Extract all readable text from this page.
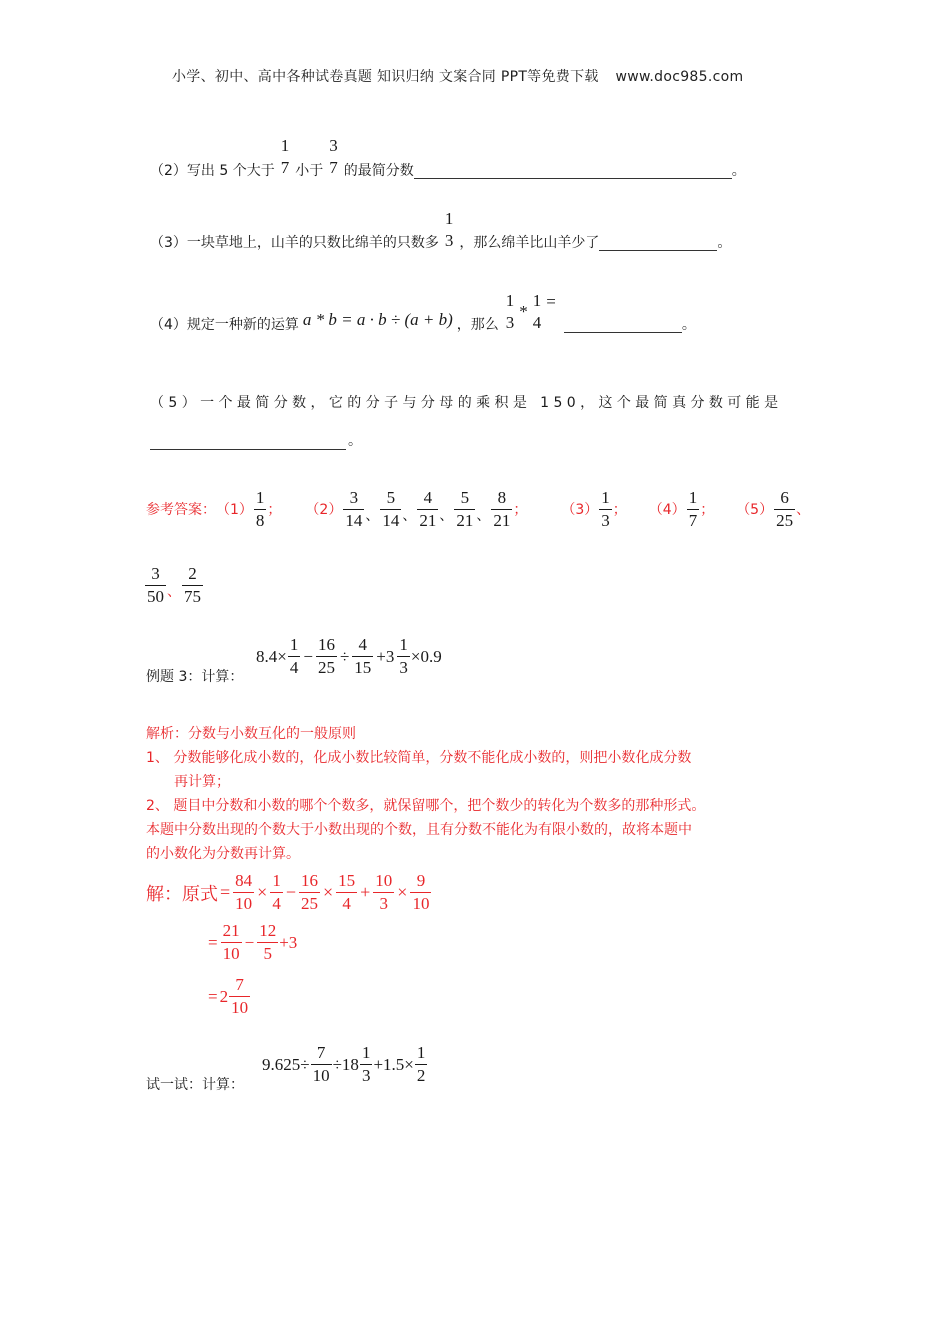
小学、初中、高中各种试卷真题 知识归纳 文案合同 PPT等免费下载 www.doc985.com
（2）写出 5 个大于
1
7 小于
3
7 的最简分数	。
（3）一块草地上，山羊的只数比绵羊的只数多
1
3 ，那么绵羊比山羊少了	。
（4）规定一种新的运算 a * b = a · b ÷ (a + b) ，那么
1
3
*
1
4
=
。
（5）一个最简分数，它的分子与分母的乘积是 150，这个最简真分数可能是
。
参考答案： $(1) \frac{1}{8}$ ； $(2) \frac{3}{14}$ 、 $\frac{5}{14}$ 、 $\frac{4}{21}$ 、 $\frac{5}{21}$ 、 $\frac{8}{21}$ ； $(3) \frac{1}{3}$ ； $(4) \frac{1}{7}$ ； $(5) \frac{6}{25}$ 、
$\frac{3}{50}$ 、 $\frac{2}{75}$
例题 3：计算：
$8.4\times \frac{1}{4} - \frac{16}{25} \div \frac{4}{15} +3 \frac{1}{3} \times 0.9$
解析：分数与小数互化的一般原则
1、 分数能够化成小数的，化成小数比较简单，分数不能化成小数的，则把小数化成分数
再计算；
2、 题目中分数和小数的哪个个数多，就保留哪个，把个数少的转化为个数多的那种形式。
本题中分数出现的个数大于小数出现的个数，且有分数不能化为有限小数的，故将本题中
的小数化为分数再计算。
解：原式 = $\frac{84}{10} \times \frac{1}{4} - \frac{16}{25} \times \frac{15}{4} + \frac{10}{3} \times \frac{9}{10}$
= $\frac{21}{10} - \frac{12}{5} +3$
= $2 \frac{7}{10}$
试一试：计算：
$9.625\div \frac{7}{10} \div 18 \frac{1}{3} +1.5\times \frac{1}{2}$
